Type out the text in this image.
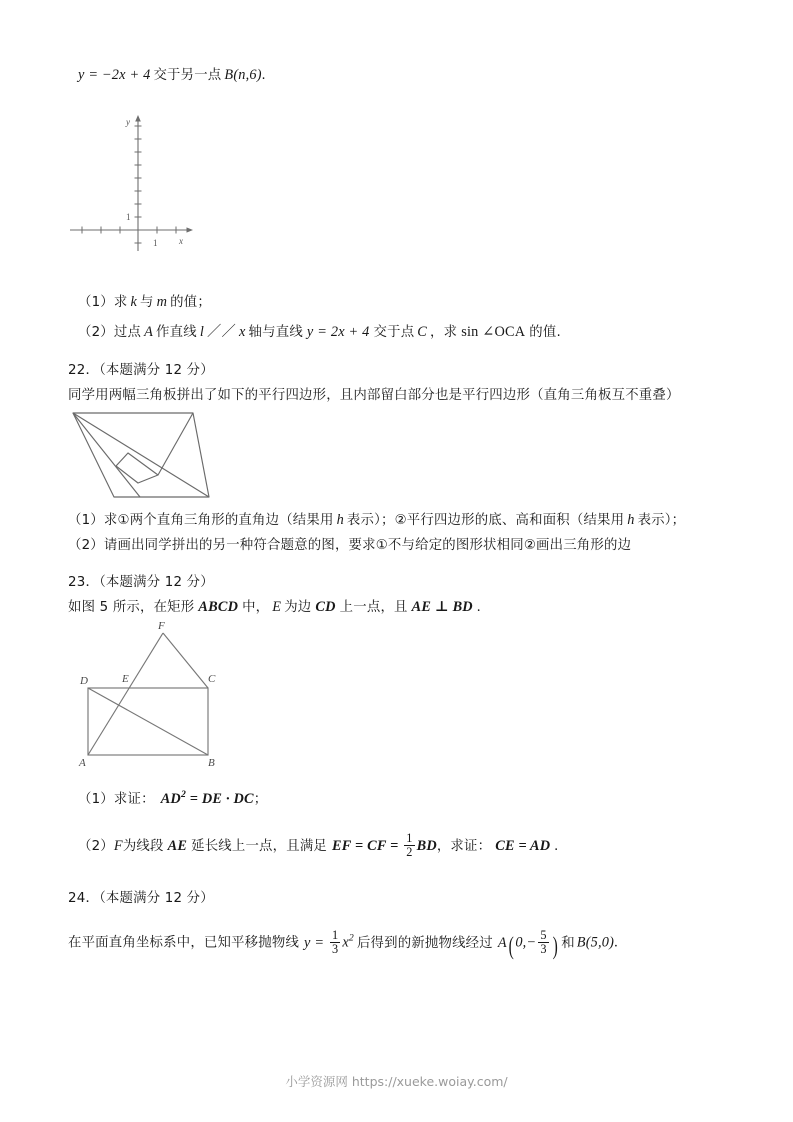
y = −2x + 4 交于另一点 B(n,6).
y
x
1
1
（1）求 k 与 m 的值；
（2）过点 A 作直线 l ／／ x 轴与直线 y = 2x + 4 交于点 C ，求 sin ∠OCA 的值.
22．（本题满分 12 分）
同学用两幅三角板拼出了如下的平行四边形，且内部留白部分也是平行四边形（直角三角板互不重叠）
（1）求①两个直角三角形的直角边（结果用 h 表示）；②平行四边形的底、高和面积（结果用 h 表示）；
（2）请画出同学拼出的另一种符合题意的图，要求①不与给定的图形状相同②画出三角形的边
23．（本题满分 12 分）
如图 5 所示，在矩形 ABCD 中， E 为边 CD 上一点，且 AE ⊥ BD .
F
D	E	C
A	B
（1）求证： $AD^2$ = DE · DC；
（2）F为线段 AE 延长线上一点，且满足 EF = CF = $\frac{1}{2}$ BD，求证： CE = AD .
24．（本题满分 12 分）
在平面直角坐标系中，已知平移抛物线 $y = \frac{1}{3} x^2$ 后得到的新抛物线经过 A( $0,- \frac{5}{3}$ ) 和 B(5,0).
小学资源网 https://xueke.woiay.com/
